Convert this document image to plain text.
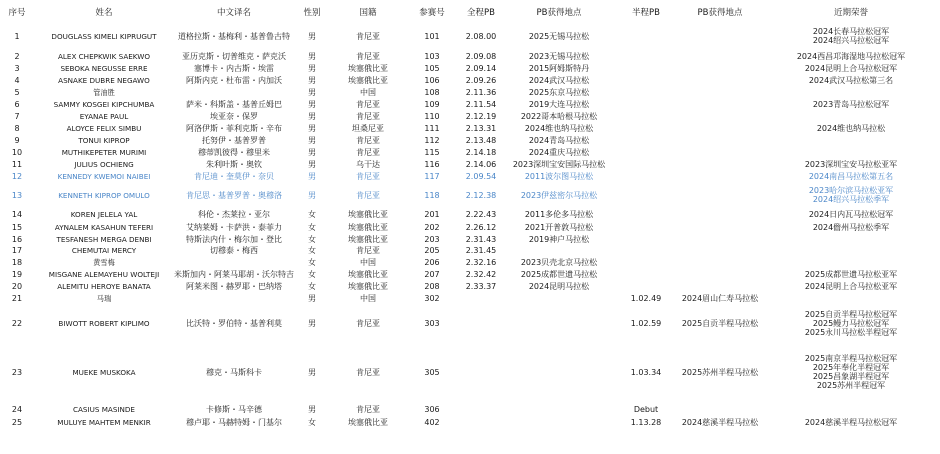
序号	姓名	中文译名	性别	国籍	参赛号	全程PB	PB获得地点	半程PB	PB获得地点	近期荣誉
1	DOUGLASS KIMELI KIPRUGUT	道格拉斯・基梅利・基普鲁古特	男	肯尼亚	101	2.08.00	2025无锡马拉松			2024长春马拉松冠军
2024绍兴马拉松冠军

2	ALEX CHEPKWIK SAEKWO	亚历克斯・切普维克・萨克沃	男	肯尼亚	103	2.09.08	2023无锡马拉松			2024西昌邛海湿地马拉松冠军

3	SEBOKA NEGUSSE ERRE	塞博卡・内古斯・埃雷	男	埃塞俄比亚	105	2.09.14	2015阿姆斯特丹			2024昆明上合马拉松冠军

4	ASNAKE DUBRE NEGAWO	阿斯内克・杜布雷・内加沃	男	埃塞俄比亚	106	2.09.26	2024武汉马拉松			2024武汉马拉松第三名

5	管油胜		男	中国	108	2.11.36	2025东京马拉松			
6	SAMMY KOSGEI KIPCHUMBA	萨米・科斯盖・基普丘姆巴	男	肯尼亚	109	2.11.54	2019大连马拉松			2023青岛马拉松冠军

7	EYANAE PAUL	埃亚奈・保罗	男	肯尼亚	110	2.12.19	2022哥本哈根马拉松			
8	ALOYCE FELIX SIMBU	阿洛伊斯・菲利克斯・辛布	男	坦桑尼亚	111	2.13.31	2024维也纳马拉松			2024维也纳马拉松

9	TONUI KIPROP	托努伊・基普罗普	男	肯尼亚	112	2.13.48	2024青岛马拉松			
10	MUTHIKEPETER MURIMI	穆蒂凯彼得・穆里米	男	肯尼亚	115	2.14.18	2024重庆马拉松			
11	JULIUS OCHIENG	朱利叶斯・奥钦	男	乌干达	116	2.14.06	2023深圳宝安国际马拉松			2023深圳宝安马拉松亚军

12	KENNEDY KWEMOI NAIBEI	肯尼迪・奎莫伊・奈贝	男	肯尼亚	117	2.09.54	2011波尔图马拉松			2024南昌马拉松第五名

13	KENNETH KIPROP OMULO	肯尼思・基普罗普・奥穆洛	男	肯尼亚	118	2.12.38	2023伊兹密尔马拉松			2023哈尔滨马拉松亚军
2024绍兴马拉松季军

14	KOREN JELELA YAL	科伦・杰莱拉・亚尔	女	埃塞俄比亚	201	2.22.43	2011多伦多马拉松			2024日内瓦马拉松冠军

15	AYNALEM KASAHUN TEFERI	艾纳莱姆・卡萨洪・泰菲力	女	埃塞俄比亚	202	2.26.12	2021开普敦马拉松			2024儋州马拉松季军

16	TESFANESH MERGA DENBI	特斯法内什・梅尔加・登比	女	埃塞俄比亚	203	2.31.43	2019神户马拉松			
17	CHEMUTAI MERCY	切穆泰・梅西	女	肯尼亚	205	2.31.45				
18	黄雪梅		女	中国	206	2.32.16	2023贝壳北京马拉松			
19	MISGANE ALEMAYEHU WOLTEJI	米斯加内・阿莱马耶胡・沃尔特吉	女	埃塞俄比亚	207	2.32.42	2025成都世遗马拉松			2025成都世遗马拉松亚军

20	ALEMITU HEROYE BANATA	阿莱米图・赫罗耶・巴纳塔	女	埃塞俄比亚	208	2.33.37	2024昆明马拉松			2024昆明上合马拉松亚军

21	马瑞		男	中国	302			1.02.49	2024眉山仁寿马拉松	
22	BIWOTT ROBERT KIPLIMO	比沃特・罗伯特・基普利莫	男	肯尼亚	303			1.02.59	2025自贡半程马拉松	2025自贡半程马拉松冠军
2025鳗力马拉松冠军
2025永川马拉松半程冠军

23	MUEKE MUSKOKA	穆克・马斯科卡	男	肯尼亚	305			1.03.34	2025苏州半程马拉松	2025南京半程马拉松冠军
2025年奉化半程冠军
2025昌象湖半程冠军
2025苏州半程冠军

24	CASIUS MASINDE	卡修斯・马辛德	男	肯尼亚	306			Debut		
25	MULUYE MAHTEM MENKIR	穆卢耶・马赫特姆・门基尔	女	埃塞俄比亚	402			1.13.28	2024慈溪半程马拉松	2024慈溪半程马拉松冠军
